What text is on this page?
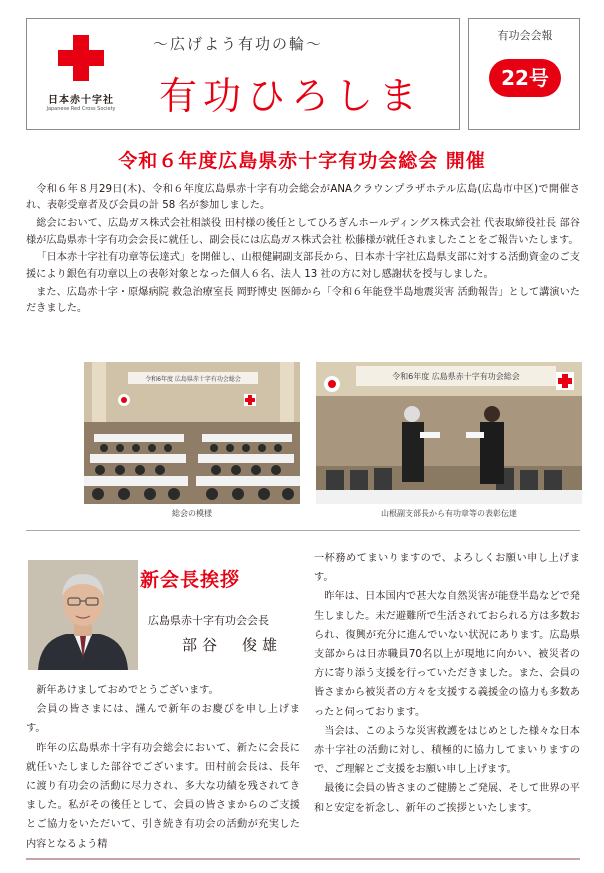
日本赤十字社
Japanese Red Cross Society
〜広げよう有功の輪〜
有功ひろしま
有功会会報
22号
令和６年度広島県赤十字有功会総会 開催

令和６年８月29日(木)、令和６年度広島県赤十字有功会総会がANAクラウンプラザホテル広島(広島市中区)で開催され、表彰受章者及び会員の計 58 名が参加しました。

総会において、広島ガス株式会社相談役 田村様の後任としてひろぎんホールディングス株式会社 代表取締役社長 部谷様が広島県赤十字有功会会長に就任し、副会長には広島ガス株式会社 松藤様が就任されましたことをご報告いたします。

「日本赤十字社有功章等伝達式」を開催し、山根健嗣副支部長から、日本赤十字社広島県支部に対する活動資金のご支援により銀色有功章以上の表彰対象となった個人６名、法人 13 社の方に対し感謝状を授与しました。

また、広島赤十字・原爆病院 救急治療室長 岡野博史 医師から「令和６年能登半島地震災害 活動報告」として講演いただきました。

令和6年度 広島県赤十字有功会総会
総会の模様
令和6年度 広島県赤十字有功会総会
山根副支部長から有功章等の表彰伝達
新会長挨拶
広島県赤十字有功会会長
部谷　俊雄

新年あけましておめでとうございます。

会員の皆さまには、謹んで新年のお慶びを申し上げます。

昨年の広島県赤十字有功会総会において、新たに会長に就任いたしました部谷でございます。田村前会長は、長年に渡り有功会の活動に尽力され、多大な功績を残されてきました。私がその後任として、会員の皆さまからのご支援とご協力をいただいて、引き続き有功会の活動が充実した内容となるよう精

一杯務めてまいりますので、よろしくお願い申し上げます。

昨年は、日本国内で甚大な自然災害が能登半島などで発生しました。未だ避難所で生活されておられる方は多数おられ、復興が充分に進んでいない状況にあります。広島県支部からは日赤職員70名以上が現地に向かい、被災者の方に寄り添う支援を行っていただきました。また、会員の皆さまから被災者の方々を支援する義援金の協力も多数あったと伺っております。

当会は、このような災害救護をはじめとした様々な日本赤十字社の活動に対し、積極的に協力してまいりますので、ご理解とご支援をお願い申し上げます。

最後に会員の皆さまのご健勝とご発展、そして世界の平和と安定を祈念し、新年のご挨拶といたします。
